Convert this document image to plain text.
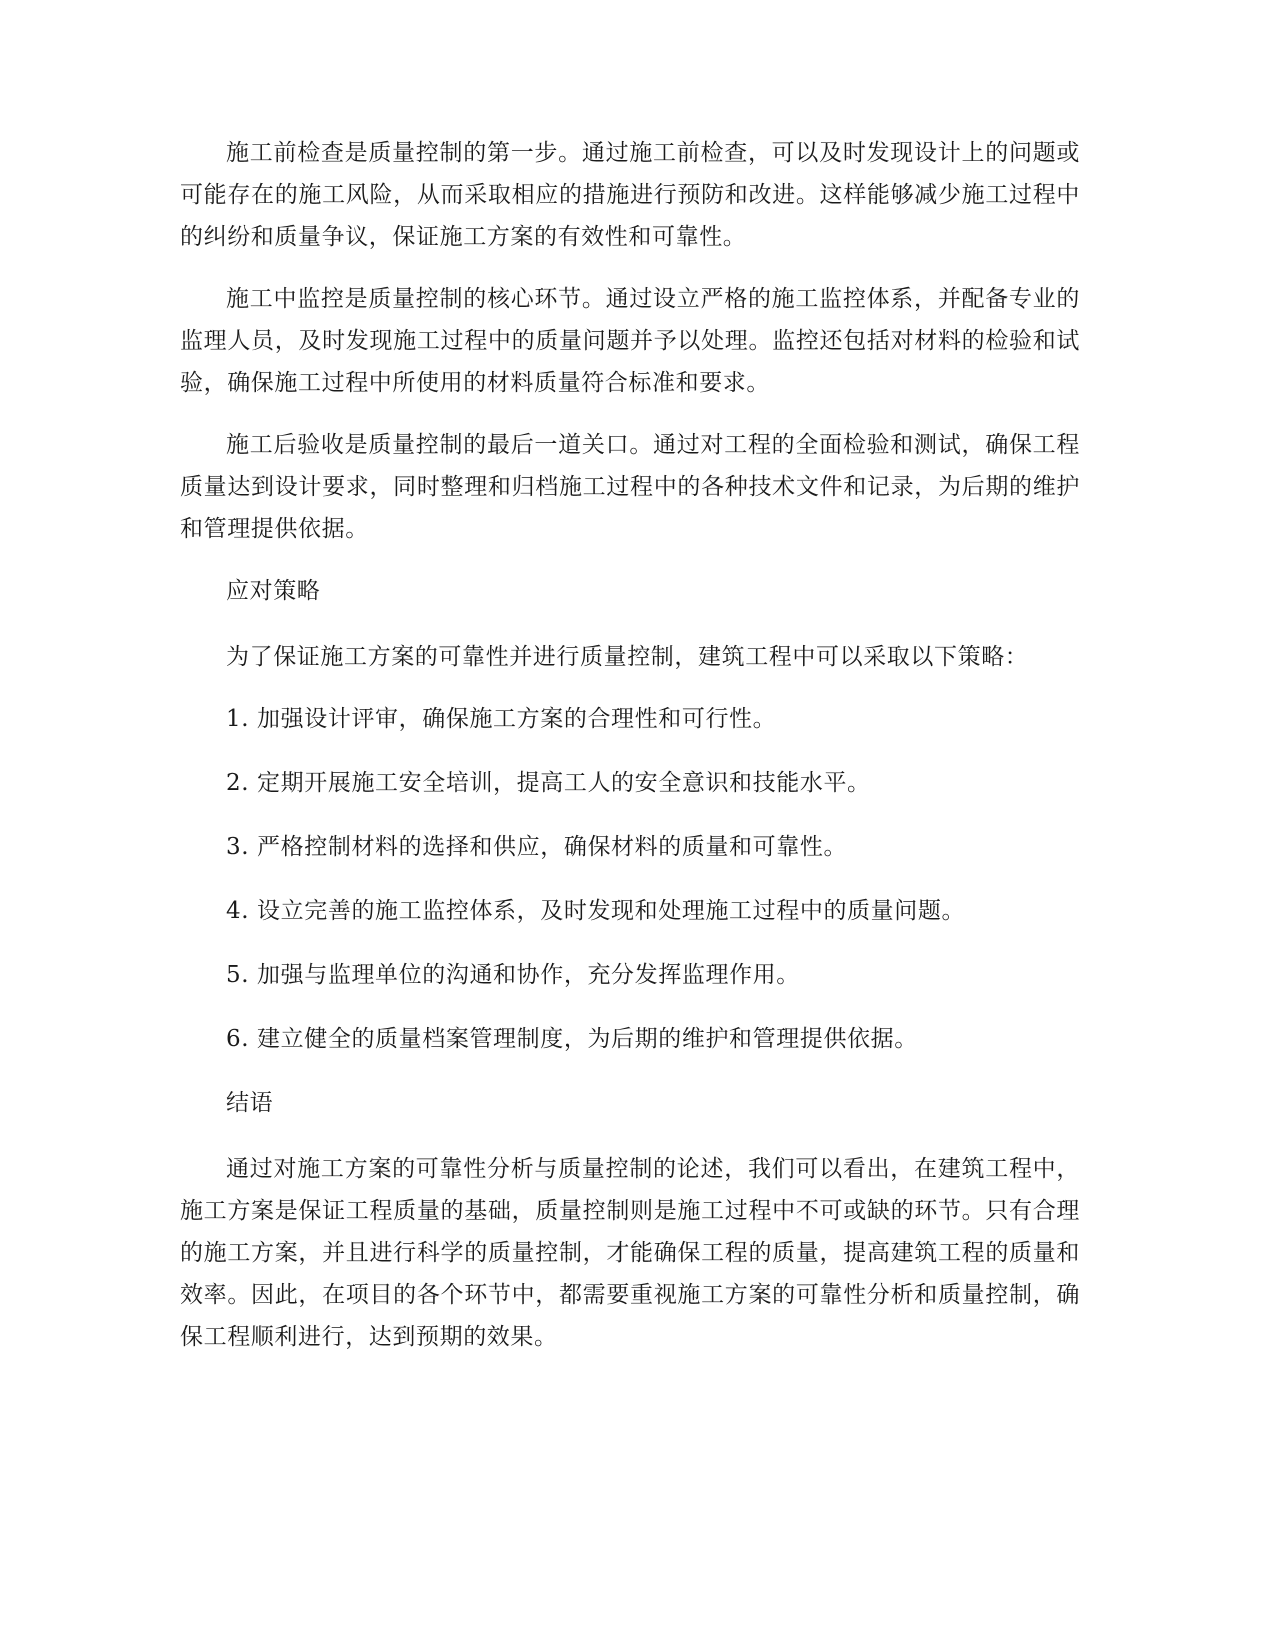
施工前检查是质量控制的第一步。通过施工前检查，可以及时发现设计上的问题或可能存在的施工风险，从而采取相应的措施进行预防和改进。这样能够减少施工过程中的纠纷和质量争议，保证施工方案的有效性和可靠性。

施工中监控是质量控制的核心环节。通过设立严格的施工监控体系，并配备专业的监理人员，及时发现施工过程中的质量问题并予以处理。监控还包括对材料的检验和试验，确保施工过程中所使用的材料质量符合标准和要求。

施工后验收是质量控制的最后一道关口。通过对工程的全面检验和测试，确保工程质量达到设计要求，同时整理和归档施工过程中的各种技术文件和记录，为后期的维护和管理提供依据。

应对策略

为了保证施工方案的可靠性并进行质量控制，建筑工程中可以采取以下策略：

1. 加强设计评审，确保施工方案的合理性和可行性。
2. 定期开展施工安全培训，提高工人的安全意识和技能水平。
3. 严格控制材料的选择和供应，确保材料的质量和可靠性。
4. 设立完善的施工监控体系，及时发现和处理施工过程中的质量问题。
5. 加强与监理单位的沟通和协作，充分发挥监理作用。
6. 建立健全的质量档案管理制度，为后期的维护和管理提供依据。

结语

通过对施工方案的可靠性分析与质量控制的论述，我们可以看出，在建筑工程中，施工方案是保证工程质量的基础，质量控制则是施工过程中不可或缺的环节。只有合理的施工方案，并且进行科学的质量控制，才能确保工程的质量，提高建筑工程的质量和效率。因此，在项目的各个环节中，都需要重视施工方案的可靠性分析和质量控制，确保工程顺利进行，达到预期的效果。
